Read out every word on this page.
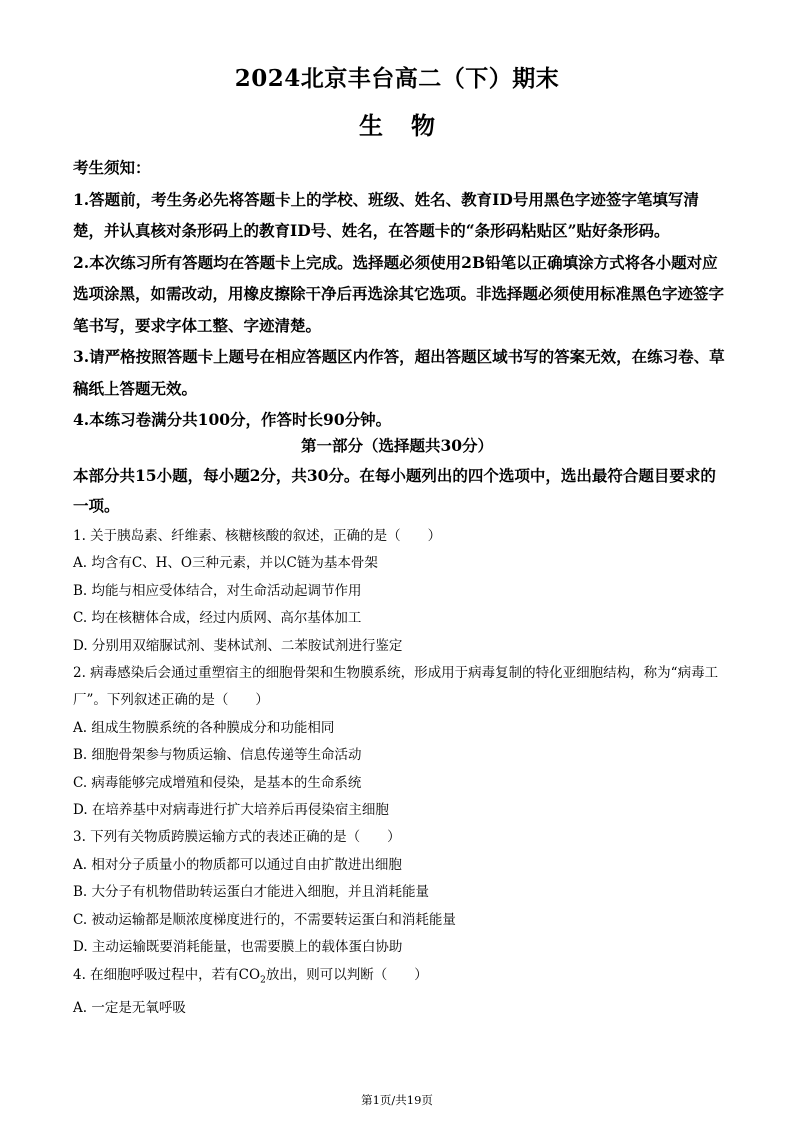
2024北京丰台高二（下）期末
生物

考生须知：

1.答题前，考生务必先将答题卡上的学校、班级、姓名、教育ID号用黑色字迹签字笔填写清楚，并认真核对条形码上的教育ID号、姓名，在答题卡的“条形码粘贴区”贴好条形码。

2.本次练习所有答题均在答题卡上完成。选择题必须使用2B铅笔以正确填涂方式将各小题对应选项涂黑，如需改动，用橡皮擦除干净后再选涂其它选项。非选择题必须使用标准黑色字迹签字笔书写，要求字体工整、字迹清楚。

3.请严格按照答题卡上题号在相应答题区内作答，超出答题区域书写的答案无效，在练习卷、草稿纸上答题无效。

4.本练习卷满分共100分，作答时长90分钟。

第一部分（选择题共30分）

本部分共15小题，每小题2分，共30分。在每小题列出的四个选项中，选出最符合题目要求的一项。

1. 关于胰岛素、纤维素、核糖核酸的叙述，正确的是（　　）

A. 均含有C、H、O三种元素，并以C链为基本骨架

B. 均能与相应受体结合，对生命活动起调节作用

C. 均在核糖体合成，经过内质网、高尔基体加工

D. 分别用双缩脲试剂、斐林试剂、二苯胺试剂进行鉴定

2. 病毒感染后会通过重塑宿主的细胞骨架和生物膜系统，形成用于病毒复制的特化亚细胞结构，称为“病毒工厂”。下列叙述正确的是（　　）

A. 组成生物膜系统的各种膜成分和功能相同

B. 细胞骨架参与物质运输、信息传递等生命活动

C. 病毒能够完成增殖和侵染，是基本的生命系统

D. 在培养基中对病毒进行扩大培养后再侵染宿主细胞

3. 下列有关物质跨膜运输方式的表述正确的是（　　）

A. 相对分子质量小的物质都可以通过自由扩散进出细胞

B. 大分子有机物借助转运蛋白才能进入细胞，并且消耗能量

C. 被动运输都是顺浓度梯度进行的，不需要转运蛋白和消耗能量

D. 主动运输既要消耗能量，也需要膜上的载体蛋白协助

4. 在细胞呼吸过程中，若有$CO_2$放出，则可以判断（　　）

A. 一定是无氧呼吸

第1页/共19页
